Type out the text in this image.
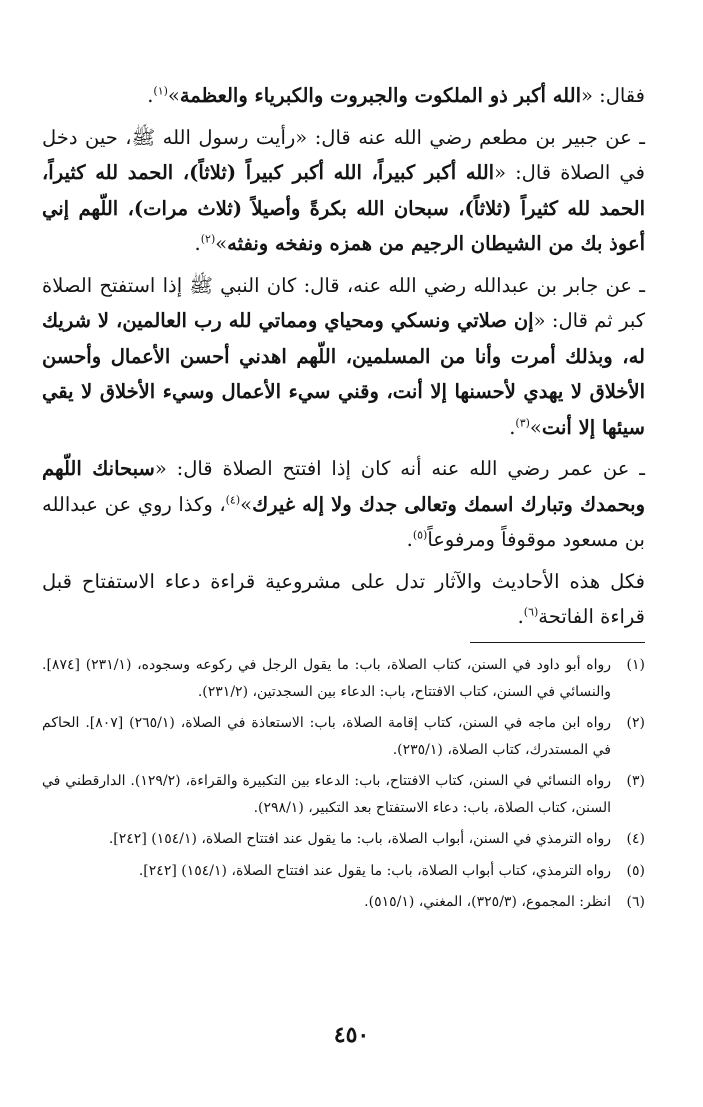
فقال: «الله أكبر ذو الملكوت والجبروت والكبرياء والعظمة»$^{(١)}$.

ـ عن جبير بن مطعم رضي الله عنه قال: «رأيت رسول الله ﷺ، حين دخل في الصلاة قال: «الله أكبر كبيراً، الله أكبر كبيراً (ثلاثاً)، الحمد لله كثيراً، الحمد لله كثيراً (ثلاثاً)، سبحان الله بكرةً وأصيلاً (ثلاث مرات)، اللّهم إني أعوذ بك من الشيطان الرجيم من همزه ونفخه ونفثه»$^{(٢)}$.

ـ عن جابر بن عبدالله رضي الله عنه، قال: كان النبي ﷺ إذا استفتح الصلاة كبر ثم قال: «إن صلاتي ونسكي ومحياي ومماتي لله رب العالمين، لا شريك له، وبذلك أمرت وأنا من المسلمين، اللّهم اهدني أحسن الأعمال وأحسن الأخلاق لا يهدي لأحسنها إلا أنت، وقني سيء الأعمال وسيء الأخلاق لا يقي سيئها إلا أنت»$^{(٣)}$.

ـ عن عمر رضي الله عنه أنه كان إذا افتتح الصلاة قال: «سبحانك اللّهم وبحمدك وتبارك اسمك وتعالى جدك ولا إله غيرك»$^{(٤)}$، وكذا روي عن عبدالله بن مسعود موقوفاً ومرفوعاً$^{(٥)}$.

فكل هذه الأحاديث والآثار تدل على مشروعية قراءة دعاء الاستفتاح قبل قراءة الفاتحة$^{(٦)}$.

(١)
رواه أبو داود في السنن، كتاب الصلاة، باب: ما يقول الرجل في ركوعه وسجوده، (٢٣١/١) [٨٧٤]. والنسائي في السنن، كتاب الافتتاح، باب: الدعاء بين السجدتين، (٢٣١/٢).
(٢)
رواه ابن ماجه في السنن، كتاب إقامة الصلاة، باب: الاستعاذة في الصلاة، (٢٦٥/١) [٨٠٧]. الحاكم في المستدرك، كتاب الصلاة، (٢٣٥/١).
(٣)
رواه النسائي في السنن، كتاب الافتتاح، باب: الدعاء بين التكبيرة والقراءة، (١٢٩/٢). الدارقطني في السنن، كتاب الصلاة، باب: دعاء الاستفتاح بعد التكبير، (٢٩٨/١).
(٤)
رواه الترمذي في السنن، أبواب الصلاة، باب: ما يقول عند افتتاح الصلاة، (١٥٤/١) [٢٤٢].
(٥)
رواه الترمذي، كتاب أبواب الصلاة، باب: ما يقول عند افتتاح الصلاة، (١٥٤/١) [٢٤٢].
(٦)
انظر: المجموع، (٣٢٥/٣)، المغني، (٥١٥/١).
٤٥٠
